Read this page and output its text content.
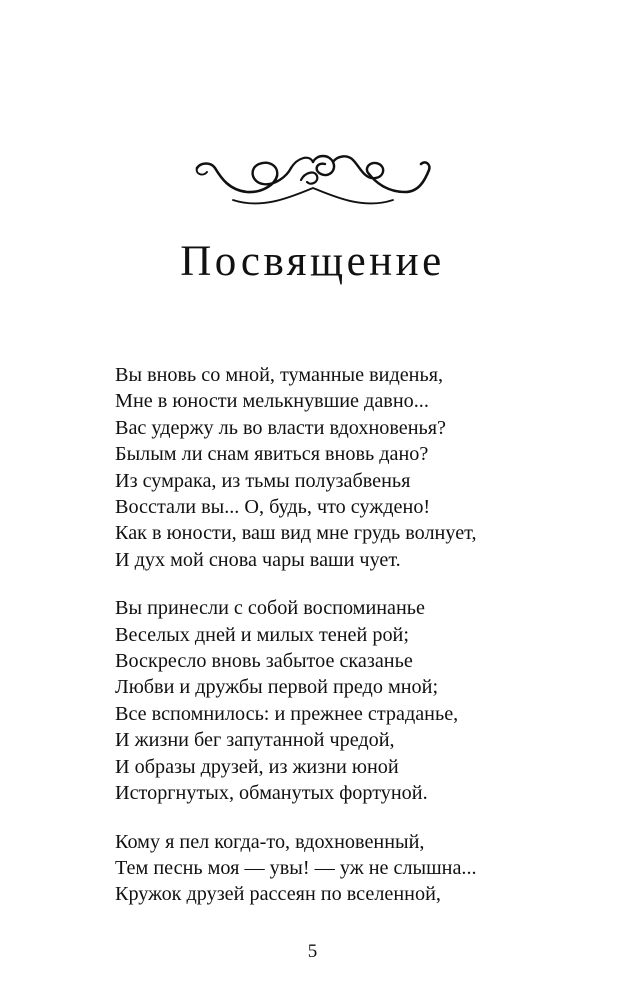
Посвящение

Вы вновь со мной, туманные виденья,
Мне в юности мелькнувшие давно...
Вас удержу ль во власти вдохновенья?
Былым ли снам явиться вновь дано?
Из сумрака, из тьмы полузабвенья
Восстали вы... О, будь, что суждено!
Как в юности, ваш вид мне грудь волнует,
И дух мой снова чары ваши чует.

Вы принесли с собой воспоминанье
Веселых дней и милых теней рой;
Воскресло вновь забытое сказанье
Любви и дружбы первой предо мной;
Все вспомнилось: и прежнее страданье,
И жизни бег запутанной чредой,
И образы друзей, из жизни юной
Исторгнутых, обманутых фортуной.

Кому я пел когда-то, вдохновенный,
Тем песнь моя — увы! — уж не слышна...
Кружок друзей рассеян по вселенной,

5
